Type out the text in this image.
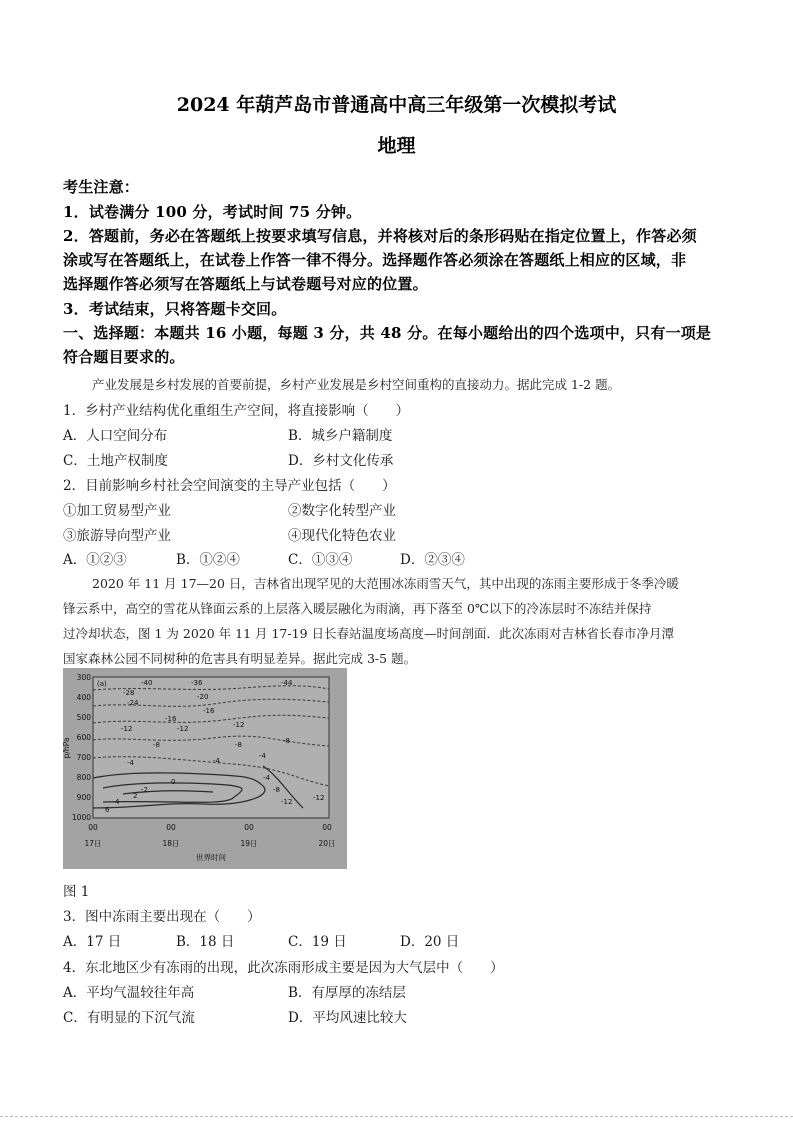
2024 年葫芦岛市普通高中高三年级第一次模拟考试
地理
考生注意：
1．试卷满分 100 分，考试时间 75 分钟。
2．答题前，务必在答题纸上按要求填写信息，并将核对后的条形码贴在指定位置上，作答必须
涂或写在答题纸上，在试卷上作答一律不得分。选择题作答必须涂在答题纸上相应的区域，非
选择题作答必须写在答题纸上与试卷题号对应的位置。
3．考试结束，只将答题卡交回。
一、选择题：本题共 16 小题，每题 3 分，共 48 分。在每小题给出的四个选项中，只有一项是
符合题目要求的。
产业发展是乡村发展的首要前提，乡村产业发展是乡村空间重构的直接动力。据此完成 1-2 题。
1．乡村产业结构优化重组生产空间，将直接影响（　　）
A．人口空间分布	B．城乡户籍制度
C．土地产权制度	D．乡村文化传承
2．目前影响乡村社会空间演变的主导产业包括（　　）
①加工贸易型产业	②数字化转型产业
③旅游导向型产业	④现代化特色农业
A．①②③	B．①②④	C．①③④	D．②③④
2020 年 11 月 17—20 日，吉林省出现罕见的大范围冰冻雨雪天气，其中出现的冻雨主要形成于冬季冷暖
锋云系中，高空的雪花从锋面云系的上层落入暖层融化为雨滴，再下落至 0℃以下的冷冻层时不冻结并保持
过冷却状态，图 1 为 2020 年 11 月 17-19 日长春站温度场高度—时间剖面．此次冻雨对吉林省长春市净月潭
国家森林公园不同树种的危害具有明显差异。据此完成 3-5 题。
300
400
500
600
700
800
900
1000
p/hPa
(a)	-40	-36	-44
-28
-24
-20
-16
-16
-12	-12	-12
-8	-8	-8
-4	-4
-4
0
-2
2
4
6
-4
-8
-12	-12
00	00	00	00
17日	18日	19日	20日
世界时间
图 1
3．图中冻雨主要出现在（　　）
A．17 日	B．18 日	C．19 日	D．20 日
4．东北地区少有冻雨的出现，此次冻雨形成主要是因为大气层中（　　）
A．平均气温较往年高	B．有厚厚的冻结层
C．有明显的下沉气流	D．平均风速比较大
